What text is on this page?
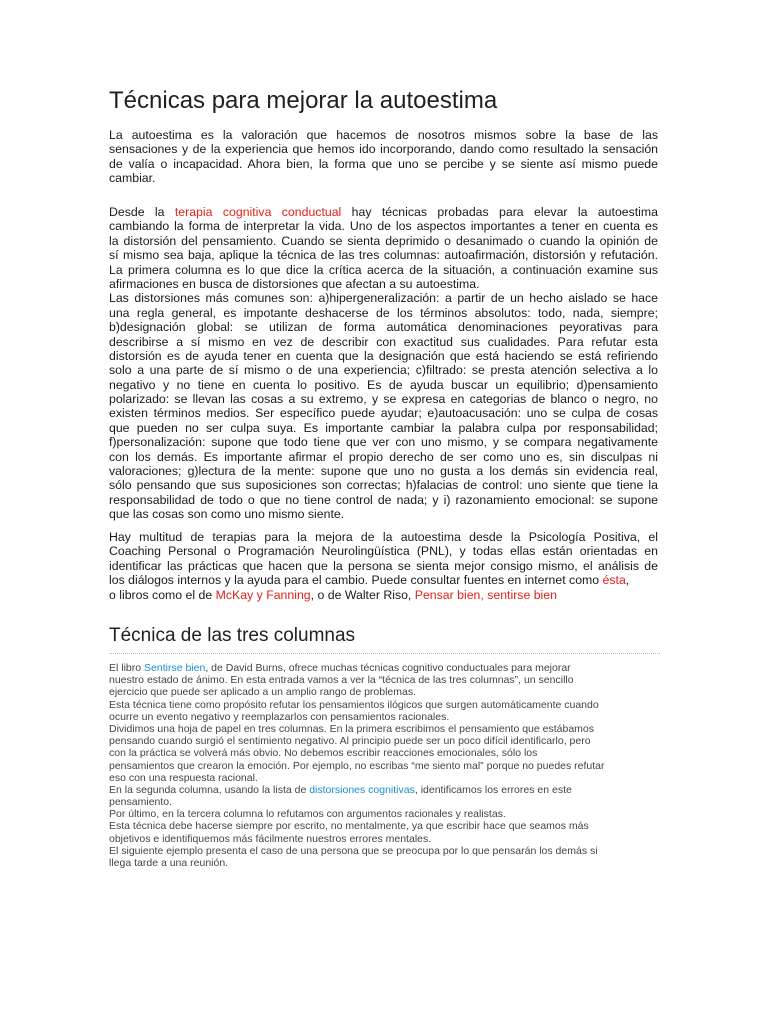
Técnicas para mejorar la autoestima
La autoestima es la valoración que hacemos de nosotros mismos sobre la base de las
sensaciones y de la experiencia que hemos ido incorporando, dando como resultado la sensación
de valía o incapacidad. Ahora bien, la forma que uno se percibe y se siente así mismo puede
cambiar.
Desde la terapia cognitiva conductual hay técnicas probadas para elevar la autoestima
cambiando la forma de interpretar la vida. Uno de los aspectos importantes a tener en cuenta es
la distorsión del pensamiento. Cuando se sienta deprimido o desanimado o cuando la opinión de
sí mismo sea baja, aplique la técnica de las tres columnas: autoafirmación, distorsión y refutación.
La primera columna es lo que dice la crítica acerca de la situación, a continuación examine sus
afirmaciones en busca de distorsiones que afectan a su autoestima.
Las distorsiones más comunes son: a)hipergeneralización: a partir de un hecho aislado se hace
una regla general, es impotante deshacerse de los términos absolutos: todo, nada, siempre;
b)designación global: se utilizan de forma automática denominaciones peyorativas para
describirse a sí mismo en vez de describir con exactitud sus cualidades. Para refutar esta
distorsión es de ayuda tener en cuenta que la designación que está haciendo se está refiriendo
solo a una parte de sí mismo o de una experiencia; c)filtrado: se presta atención selectiva a lo
negativo y no tiene en cuenta lo positivo. Es de ayuda buscar un equilibrio; d)pensamiento
polarizado: se llevan las cosas a su extremo, y se expresa en categorias de blanco o negro, no
existen términos medios. Ser específico puede ayudar; e)autoacusación: uno se culpa de cosas
que pueden no ser culpa suya. Es importante cambiar la palabra culpa por responsabilidad;
f)personalización: supone que todo tiene que ver con uno mismo, y se compara negativamente
con los demás. Es importante afirmar el propio derecho de ser como uno es, sin disculpas ni
valoraciones; g)lectura de la mente: supone que uno no gusta a los demás sin evidencia real,
sólo pensando que sus suposiciones son correctas; h)falacias de control: uno siente que tiene la
responsabilidad de todo o que no tiene control de nada; y i) razonamiento emocional: se supone
que las cosas son como uno mismo siente.
Hay multitud de terapias para la mejora de la autoestima desde la Psicología Positiva, el
Coaching Personal o Programación Neurolingüística (PNL), y todas ellas están orientadas en
identificar las prácticas que hacen que la persona se sienta mejor consigo mismo, el análisis de
los diálogos internos y la ayuda para el cambio. Puede consultar fuentes en internet como ésta,
o libros como el de McKay y Fanning, o de Walter Riso, Pensar bien, sentirse bien
Técnica de las tres columnas
El libro Sentirse bien, de David Burns, ofrece muchas técnicas cognitivo conductuales para mejorar
nuestro estado de ánimo. En esta entrada vamos a ver la “técnica de las tres columnas”, un sencillo
ejercicio que puede ser aplicado a un amplio rango de problemas.
Esta técnica tiene como propósito refutar los pensamientos ilógicos que surgen automáticamente cuando
ocurre un evento negativo y reemplazarlos con pensamientos racionales.
Dividimos una hoja de papel en tres columnas. En la primera escribimos el pensamiento que estábamos
pensando cuando surgió el sentimiento negativo. Al principio puede ser un poco difícil identificarlo, pero
con la práctica se volverá más obvio. No debemos escribir reacciones emocionales, sólo los
pensamientos que crearon la emoción. Por ejemplo, no escribas “me siento mal” porque no puedes refutar
eso con una respuesta racional.
En la segunda columna, usando la lista de distorsiones cognitivas, identificamos los errores en este
pensamiento.
Por último, en la tercera columna lo refutamos con argumentos racionales y realistas.
Esta técnica debe hacerse siempre por escrito, no mentalmente, ya que escribir hace que seamos más
objetivos e identifiquemos más fácilmente nuestros errores mentales.
El siguiente ejemplo presenta el caso de una persona que se preocupa por lo que pensarán los demás si
llega tarde a una reunión.
